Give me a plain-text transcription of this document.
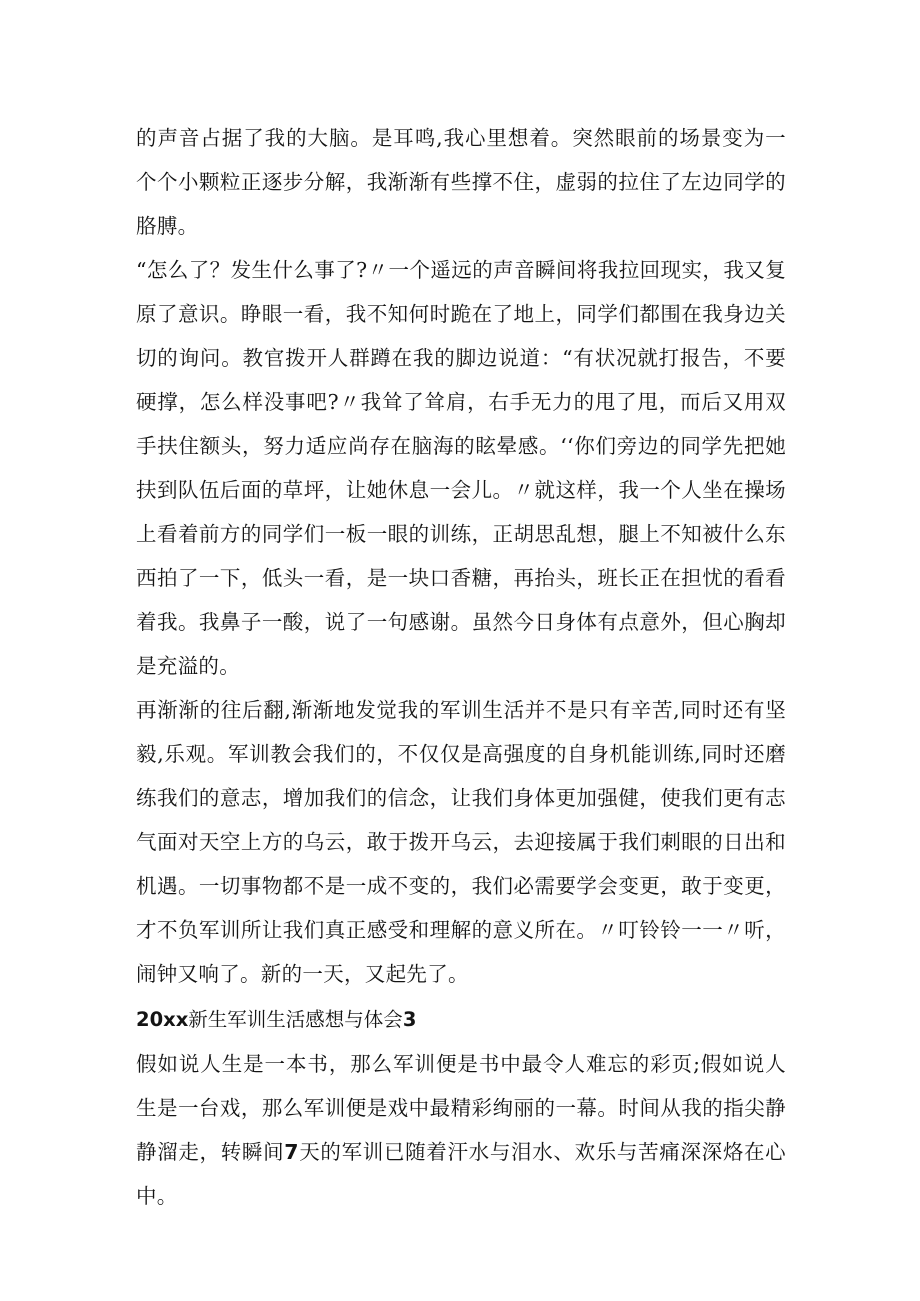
的声音占据了我的大脑。是耳鸣,我心里想着。突然眼前的场景变为一个个小颗粒正逐步分解，我渐渐有些撑不住，虚弱的拉住了左边同学的胳膊。

“怎么了？发生什么事了?〃一个遥远的声音瞬间将我拉回现实，我又复原了意识。睁眼一看，我不知何时跪在了地上，同学们都围在我身边关切的询问。教官拨开人群蹲在我的脚边说道：“有状况就打报告，不要硬撑，怎么样没事吧?〃我耸了耸肩，右手无力的甩了甩，而后又用双手扶住额头，努力适应尚存在脑海的眩晕感。‘‘你们旁边的同学先把她扶到队伍后面的草坪，让她休息一会儿。〃就这样，我一个人坐在操场上看着前方的同学们一板一眼的训练，正胡思乱想，腿上不知被什么东西拍了一下，低头一看，是一块口香糖，再抬头，班长正在担忧的看看着我。我鼻子一酸，说了一句感谢。虽然今日身体有点意外，但心胸却是充溢的。

再渐渐的往后翻,渐渐地发觉我的军训生活并不是只有辛苦,同时还有坚毅,乐观。军训教会我们的，不仅仅是高强度的自身机能训练,同时还磨练我们的意志，增加我们的信念，让我们身体更加强健，使我们更有志气面对天空上方的乌云，敢于拨开乌云，去迎接属于我们刺眼的日出和机遇。一切事物都不是一成不变的，我们必需要学会变更，敢于变更，才不负军训所让我们真正感受和理解的意义所在。〃叮铃铃一一〃听，闹钟又响了。新的一天，又起先了。

20xx新生军训生活感想与体会3

假如说人生是一本书，那么军训便是书中最令人难忘的彩页;假如说人生是一台戏，那么军训便是戏中最精彩绚丽的一幕。时间从我的指尖静静溜走，转瞬间7天的军训已随着汗水与泪水、欢乐与苦痛深深烙在心中。
